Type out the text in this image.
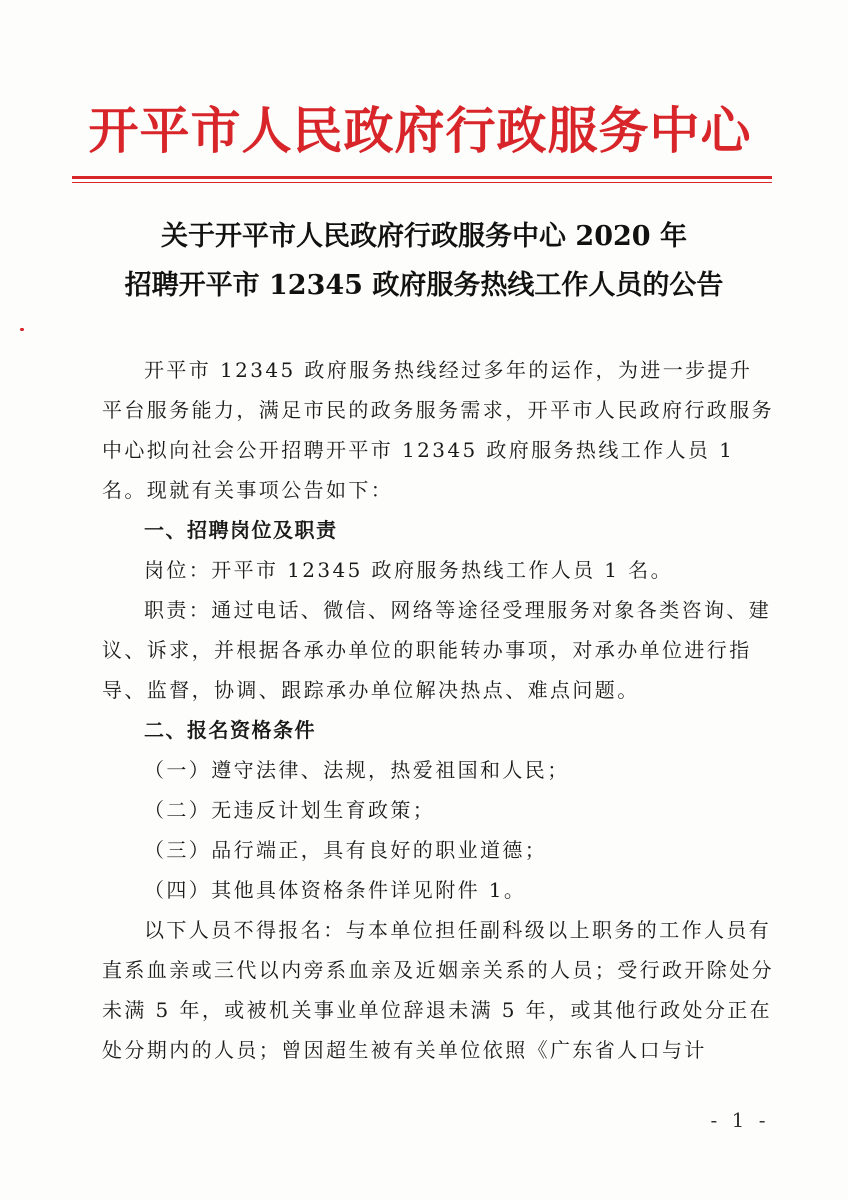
开平市人民政府行政服务中心
关于开平市人民政府行政服务中心 2020 年
招聘开平市 12345 政府服务热线工作人员的公告

开平市 12345 政府服务热线经过多年的运作，为进一步提升平台服务能力，满足市民的政务服务需求，开平市人民政府行政服务中心拟向社会公开招聘开平市 12345 政府服务热线工作人员 1 名。现就有关事项公告如下：

一、招聘岗位及职责

岗位：开平市 12345 政府服务热线工作人员 1 名。

职责：通过电话、微信、网络等途径受理服务对象各类咨询、建议、诉求，并根据各承办单位的职能转办事项，对承办单位进行指导、监督，协调、跟踪承办单位解决热点、难点问题。

二、报名资格条件

（一）遵守法律、法规，热爱祖国和人民；

（二）无违反计划生育政策；

（三）品行端正，具有良好的职业道德；

（四）其他具体资格条件详见附件 1。

以下人员不得报名：与本单位担任副科级以上职务的工作人员有直系血亲或三代以内旁系血亲及近姻亲关系的人员；受行政开除处分未满 5 年，或被机关事业单位辞退未满 5 年，或其他行政处分正在处分期内的人员；曾因超生被有关单位依照《广东省人口与计

- 1 -
